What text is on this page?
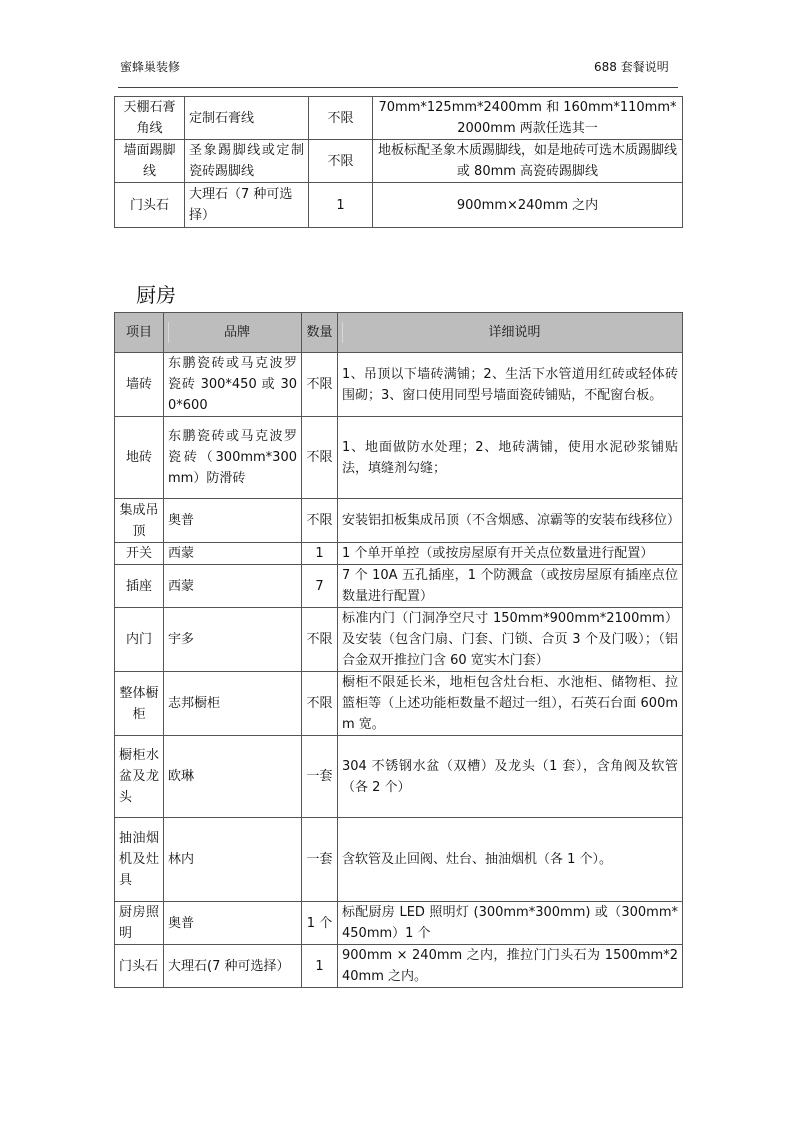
蜜蜂巢装修	688 套餐说明
天棚石膏角线	定制石膏线	不限	70mm*125mm*2400mm 和 160mm*110mm*2000mm 两款任选其一
墙面踢脚线	圣象踢脚线或定制瓷砖踢脚线	不限	地板标配圣象木质踢脚线，如是地砖可选木质踢脚线或 80mm 高瓷砖踢脚线
门头石	大理石（7 种可选择）	1	900mm×240mm 之内
厨房
项目	品牌	数量	详细说明

墙砖	东鹏瓷砖或马克波罗瓷砖 300*450 或 300*600	不限	1、吊顶以下墙砖满铺；2、生活下水管道用红砖或轻体砖围砌；3、窗口使用同型号墙面瓷砖铺贴，不配窗台板。
地砖	东鹏瓷砖或马克波罗瓷砖（300mm*300mm）防滑砖	不限	1、地面做防水处理；2、地砖满铺，使用水泥砂浆铺贴法，填缝剂勾缝；
集成吊顶	奥普	不限	安装铝扣板集成吊顶（不含烟感、凉霸等的安装布线移位）
开关	西蒙	1	1 个单开单控（或按房屋原有开关点位数量进行配置）
插座	西蒙	7	7 个 10A 五孔插座，1 个防溅盒（或按房屋原有插座点位数量进行配置）
内门	宇多	不限	标准内门（门洞净空尺寸 150mm*900mm*2100mm）及安装（包含门扇、门套、门锁、合页 3 个及门吸）；（铝合金双开推拉门含 60 宽实木门套）
整体橱柜	志邦橱柜	不限	橱柜不限延长米，地柜包含灶台柜、水池柜、储物柜、拉篮柜等（上述功能柜数量不超过一组），石英石台面 600mm 宽。
橱柜水盆及龙头	欧琳	一套	304 不锈钢水盆（双槽）及龙头（1 套），含角阀及软管（各 2 个）
抽油烟机及灶具	林内	一套	含软管及止回阀、灶台、抽油烟机（各 1 个）。
厨房照明	奥普	1 个	标配厨房 LED 照明灯 (300mm*300mm) 或（300mm*450mm）1 个
门头石	大理石(7 种可选择）	1	900mm × 240mm 之内，推拉门门头石为 1500mm*240mm 之内。
